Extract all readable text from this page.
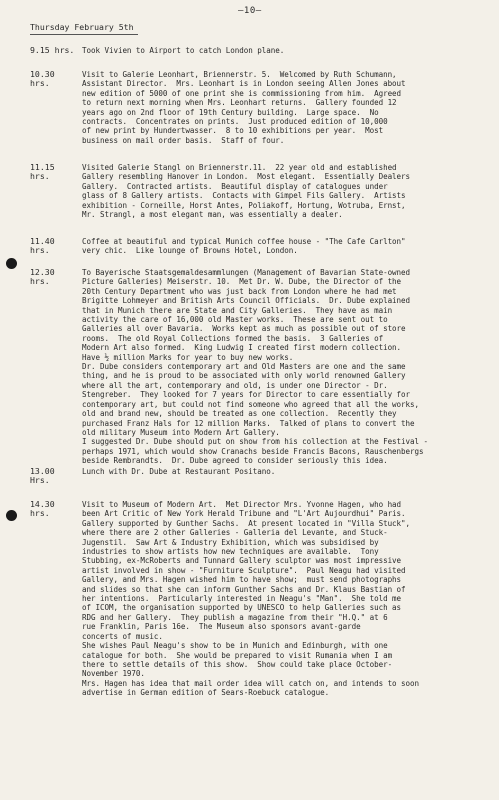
—10—
Thursday February 5th
9.15 hrs.	Took Vivien to Airport to catch London plane.
10.30
hrs.
Visit to Galerie Leonhart, Briennerstr. 5.  Welcomed by Ruth Schumann,
Assistant Director.  Mrs. Leonhart is in London seeing Allen Jones about
new edition of 5000 of one print she is commissioning from him.  Agreed
to return next morning when Mrs. Leonhart returns.  Gallery founded 12
years ago on 2nd floor of 19th Century building.  Large space.  No
contracts.  Concentrates on prints.  Just produced edition of 10,000
of new print by Hundertwasser.  8 to 10 exhibitions per year.  Most
business on mail order basis.  Staff of four.
11.15
hrs.
Visited Galerie Stangl on Briennerstr.11.  22 year old and established
Gallery resembling Hanover in London.  Most elegant.  Essentially Dealers
Gallery.  Contracted artists.  Beautiful display of catalogues under
glass of 8 Gallery artists.  Contacts with Gimpel Fils Gallery.  Artists
exhibition - Corneille, Horst Antes, Poliakoff, Hortung, Wotruba, Ernst,
Mr. Strangl, a most elegant man, was essentially a dealer.
11.40
hrs.
Coffee at beautiful and typical Munich coffee house - "The Cafe Carlton"
very chic.  Like lounge of Browns Hotel, London.
12.30
hrs.
To Bayerische Staatsgemaldesammlungen (Management of Bavarian State-owned
Picture Galleries) Meiserstr. 10.  Met Dr. W. Dube, the Director of the
20th Century Department who was just back from London where he had met
Brigitte Lohmeyer and British Arts Council Officials.  Dr. Dube explained
that in Munich there are State and City Galleries.  They have as main
activity the care of 16,000 old Master works.  These are sent out to
Galleries all over Bavaria.  Works kept as much as possible out of store
rooms.  The old Royal Collections formed the basis.  3 Galleries of
Modern Art also formed.  King Ludwig I created first modern collection.
Have ½ million Marks for year to buy new works.
Dr. Dube considers contemporary art and Old Masters are one and the same
thing, and he is proud to be associated with only world renowned Gallery
where all the art, contemporary and old, is under one Director - Dr.
Stengreber.  They looked for 7 years for Director to care essentially for
contemporary art, but could not find someone who agreed that all the works,
old and brand new, should be treated as one collection.  Recently they
purchased Franz Hals for 12 million Marks.  Talked of plans to convert the
old military Museum into Modern Art Gallery.
I suggested Dr. Dube should put on show from his collection at the Festival -
perhaps 1971, which would show Cranachs beside Francis Bacons, Rauschenbergs
beside Rembrandts.  Dr. Dube agreed to consider seriously this idea.
13.00
Hrs.
Lunch with Dr. Dube at Restaurant Positano.
14.30
hrs.
Visit to Museum of Modern Art.  Met Director Mrs. Yvonne Hagen, who had
been Art Critic of New York Herald Tribune and "L'Art Aujourdhui" Paris.
Gallery supported by Gunther Sachs.  At present located in "Villa Stuck",
where there are 2 other Galleries - Galleria del Levante, and Stuck-
Jugenstil.  Saw Art & Industry Exhibition, which was subsidised by
industries to show artists how new techniques are available.  Tony
Stubbing, ex-McRoberts and Tunnard Gallery sculptor was most impressive
artist involved in show - "Furniture Sculpture".  Paul Neagu had visited
Gallery, and Mrs. Hagen wished him to have show;  must send photographs
and slides so that she can inform Gunther Sachs and Dr. Klaus Bastian of
her intentions.  Particularly interested in Neagu's "Man".  She told me
of ICOM, the organisation supported by UNESCO to help Galleries such as
RDG and her Gallery.  They publish a magazine from their "H.Q." at 6
rue Franklin, Paris 16e.  The Museum also sponsors avant-garde
concerts of music.
She wishes Paul Neagu's show to be in Munich and Edinburgh, with one
catalogue for both.  She would be prepared to visit Rumania when I am
there to settle details of this show.  Show could take place October-
November 1970.
Mrs. Hagen has idea that mail order idea will catch on, and intends to soon
advertise in German edition of Sears-Roebuck catalogue.
